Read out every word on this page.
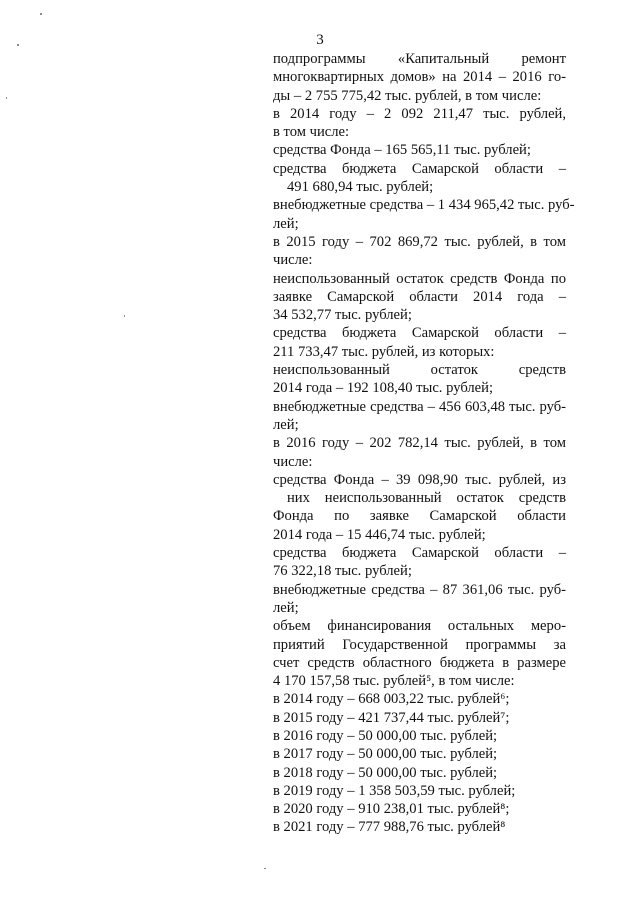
3
подпрограммы «Капитальный ремонт
многоквартирных домов» на 2014 – 2016 го-
ды – 2 755 775,42 тыс. рублей, в том числе:
в 2014 году – 2 092 211,47 тыс. рублей,
в том числе:
средства Фонда – 165 565,11 тыс. рублей;
средства бюджета Самарской области –
491 680,94 тыс. рублей;
внебюджетные средства – 1 434 965,42 тыс. руб-
лей;
в 2015 году – 702 869,72 тыс. рублей, в том
числе:
неиспользованный остаток средств Фонда по
заявке Самарской области 2014 года –
34 532,77 тыс. рублей;
средства бюджета Самарской области –
211 733,47 тыс. рублей, из которых:
неиспользованный остаток средств
2014 года – 192 108,40 тыс. рублей;
внебюджетные средства – 456 603,48 тыс. руб-
лей;
в 2016 году – 202 782,14 тыс. рублей, в том
числе:
средства Фонда – 39 098,90 тыс. рублей, из
них неиспользованный остаток средств
Фонда по заявке Самарской области
2014 года – 15 446,74 тыс. рублей;
средства бюджета Самарской области –
76 322,18 тыс. рублей;
внебюджетные средства – 87 361,06 тыс. руб-
лей;
объем финансирования остальных меро-
приятий Государственной программы за
счет средств областного бюджета в размере
4 170 157,58 тыс. рублей⁵, в том числе:
в 2014 году – 668 003,22 тыс. рублей⁶;
в 2015 году – 421 737,44 тыс. рублей⁷;
в 2016 году – 50 000,00 тыс. рублей;
в 2017 году – 50 000,00 тыс. рублей;
в 2018 году – 50 000,00 тыс. рублей;
в 2019 году – 1 358 503,59 тыс. рублей;
в 2020 году – 910 238,01 тыс. рублей⁸;
в 2021 году – 777 988,76 тыс. рублей⁸
